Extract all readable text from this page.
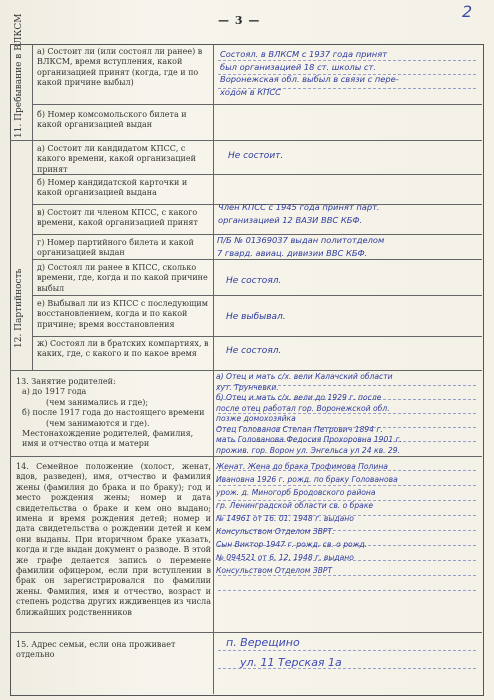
— 3 —	2
11. Пребывание в ВЛКСМ
12. Партийность
а) Состоит ли (или состоял ли ранее) в ВЛКСМ, время вступления, какой организацией принят (когда, где и по какой причине выбыл)
Состоял. в ВЛКСМ с 1937 года принят
был организацией 18 ст. школы ст.
Воронежская обл. выбыл в связи с пере-
ходом в КПСС
б) Номер комсомольского билета и какой организацией выдан
а) Состоит ли кандидатом КПСС, с какого времени, какой организацией принят
Не состоит.
б) Номер кандидатской карточки и какой организацией выдана
в) Состоит ли членом КПСС, с какого времени, какой организацией принят
Член КПСС с 1945 года принят парт.
организацией 12 ВАЗИ ВВС КБФ.
г) Номер партийного билета и какой организацией выдан
П/Б № 01369037 выдан политотделом
7 гвард. авиац. дивизии ВВС КБФ.
д) Состоял ли ранее в КПСС, сколько времени, где, когда и по какой причине выбыл
Не состоял.
е) Выбывал ли из КПСС с последующим восстановлением, когда и по какой причине; время восстановления
Не выбывал.
ж) Состоял ли в братских компартиях, в каких, где, с какого и по какое время	Не состоял.
13. Занятие родителей:
а) до 1917 года
(чем занимались и где);
б) после 1917 года до настоящего времени
(чем занимаются и где).
Местонахождение родителей, фамилия, имя и отчество отца и матери
а) Отец и мать с/х. вели Калачский области
хут. Трунчевки.
б) Отец и мать с/х. вели до 1929 г. после
после отец работал гор. Воронежской обл.
позже домохозяйка
Отец Голованов Степан Петрович 1894 г.
мать Голованова Федосия Прохоровна 1901 г.
прожив. гор. Ворон ул. Энгельса ул 24 кв. 29.
14. Семейное положение (холост, женат, вдов, разведен), имя, отчество и фамилия жены (фамилия до брака и по браку); год и место рождения жены; номер и дата свидетельства о браке и кем оно выдано; имена и время рождения детей; номер и дата свидетельства о рождении детей и кем они выданы. При вторичном браке указать, когда и где выдан документ о разводе. В этой же графе делается запись о перемене фамилии офицером, если при вступлении в брак он зарегистрировался по фамилии жены. Фамилия, имя и отчество, возраст и степень родства других иждивенцев из числа ближайших родственников
Женат. Жена до брака Трофимова Полина
Ивановна 1926 г. рожд. по браку Голованова
урож. д. Миногорб Бродовского района
гр. Ленинградской области св. о браке
№ 14961 от 16. 01. 1948 г. выдано
Консульством Отделом ЗВРТ.
Сын Виктор 1947 г. рожд. св. о рожд.
№ 094521 от 6. 12. 1948 г. выдано
Консульством Отделом ЗВРТ
15. Адрес семьи, если она проживает отдельно
п. Верещино
ул. 11 Терская 1а
